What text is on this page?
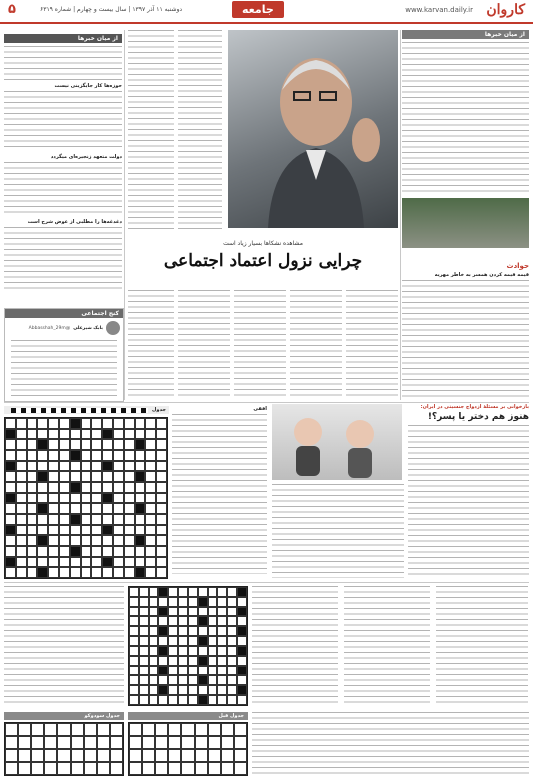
کاروان
www.karvan.daily.ir
جامعه
دوشنبه ۱۱ آذر ۱۳۹۷ | سال بیست و چهارم | شماره ۶۳۱۹
۵
از میان خبرها
حوزه‌ها کار جایگزینی نیست
دولت متعهد زنجیره‌ای میگردد
دغدغه‌ها را مطلبی از عوض شرح است
از میان خبرها
مشاهده نشکاها بسیار زیاد است
چرایی نزول اعتماد اجتماعی
کنج اجتماعی
بابک شیرعلی
@Abbasshah_29m
حوادث
قیمه قیمه کردن همسر به خاطر مهریه
جدول	افقی	بازخوانی بر مسئلهٔ ازدواج جنسیتی در ایران:
هنوز هم دختر یا پسر؟!
جدول سودوکو	جدول قبل
